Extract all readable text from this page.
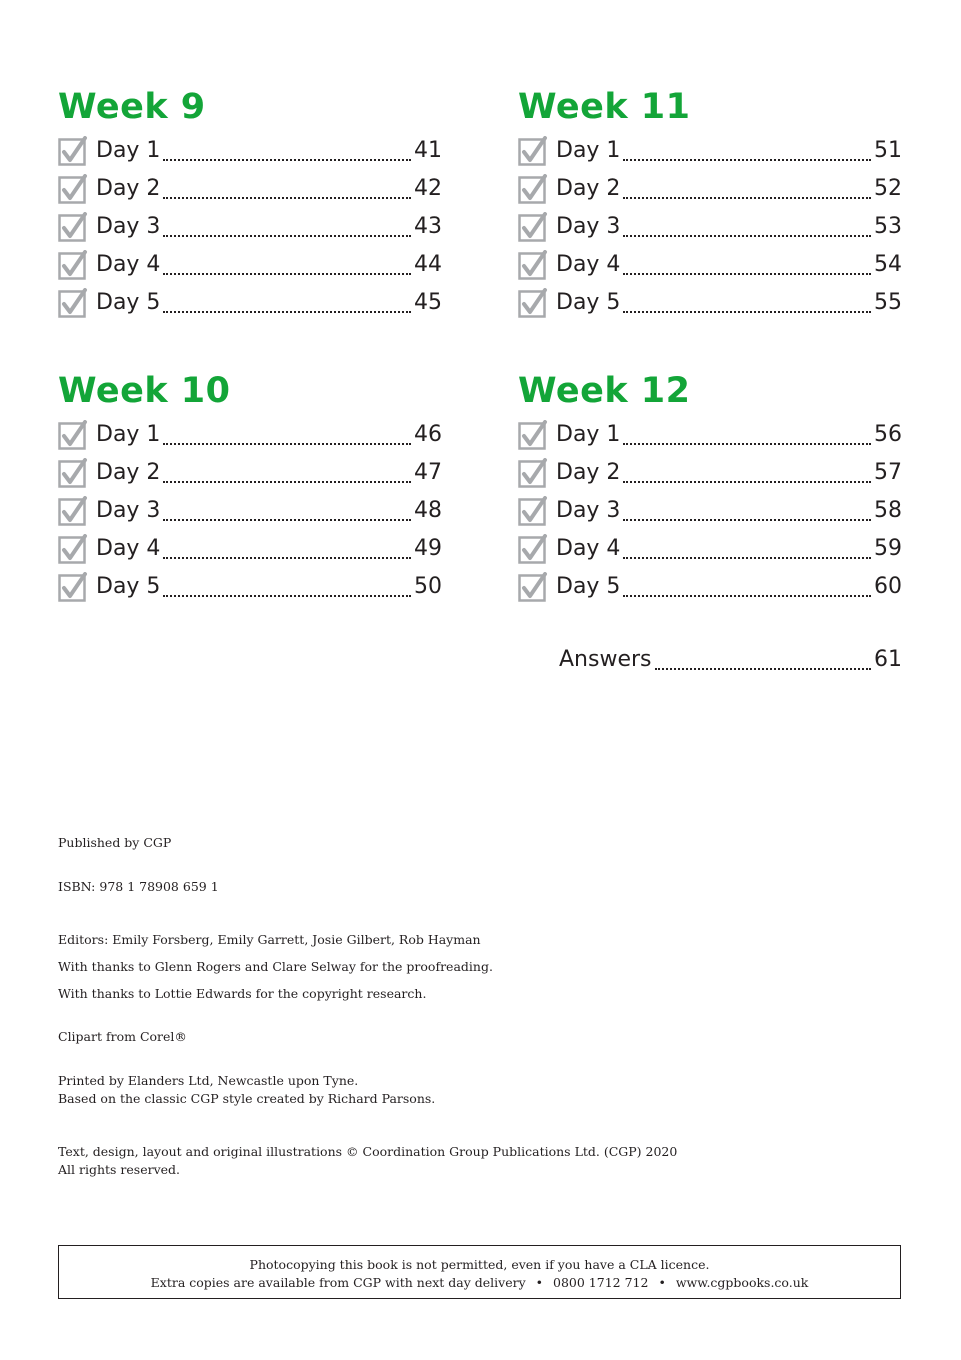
Week 9
Day 1	41
Day 2	42
Day 3	43
Day 4	44
Day 5	45
Week 11
Day 1	51
Day 2	52
Day 3	53
Day 4	54
Day 5	55
Week 10
Day 1	46
Day 2	47
Day 3	48
Day 4	49
Day 5	50
Week 12
Day 1	56
Day 2	57
Day 3	58
Day 4	59
Day 5	60
Answers	61
Published by CGP
ISBN: 978 1 78908 659 1
Editors: Emily Forsberg, Emily Garrett, Josie Gilbert, Rob Hayman
With thanks to Glenn Rogers and Clare Selway for the proofreading.
With thanks to Lottie Edwards for the copyright research.
Clipart from Corel®
Printed by Elanders Ltd, Newcastle upon Tyne.
Based on the classic CGP style created by Richard Parsons.
Text, design, layout and original illustrations © Coordination Group Publications Ltd. (CGP) 2020
All rights reserved.
Photocopying this book is not permitted, even if you have a CLA licence.
Extra copies are available from CGP with next day delivery • 0800 1712 712 • www.cgpbooks.co.uk
